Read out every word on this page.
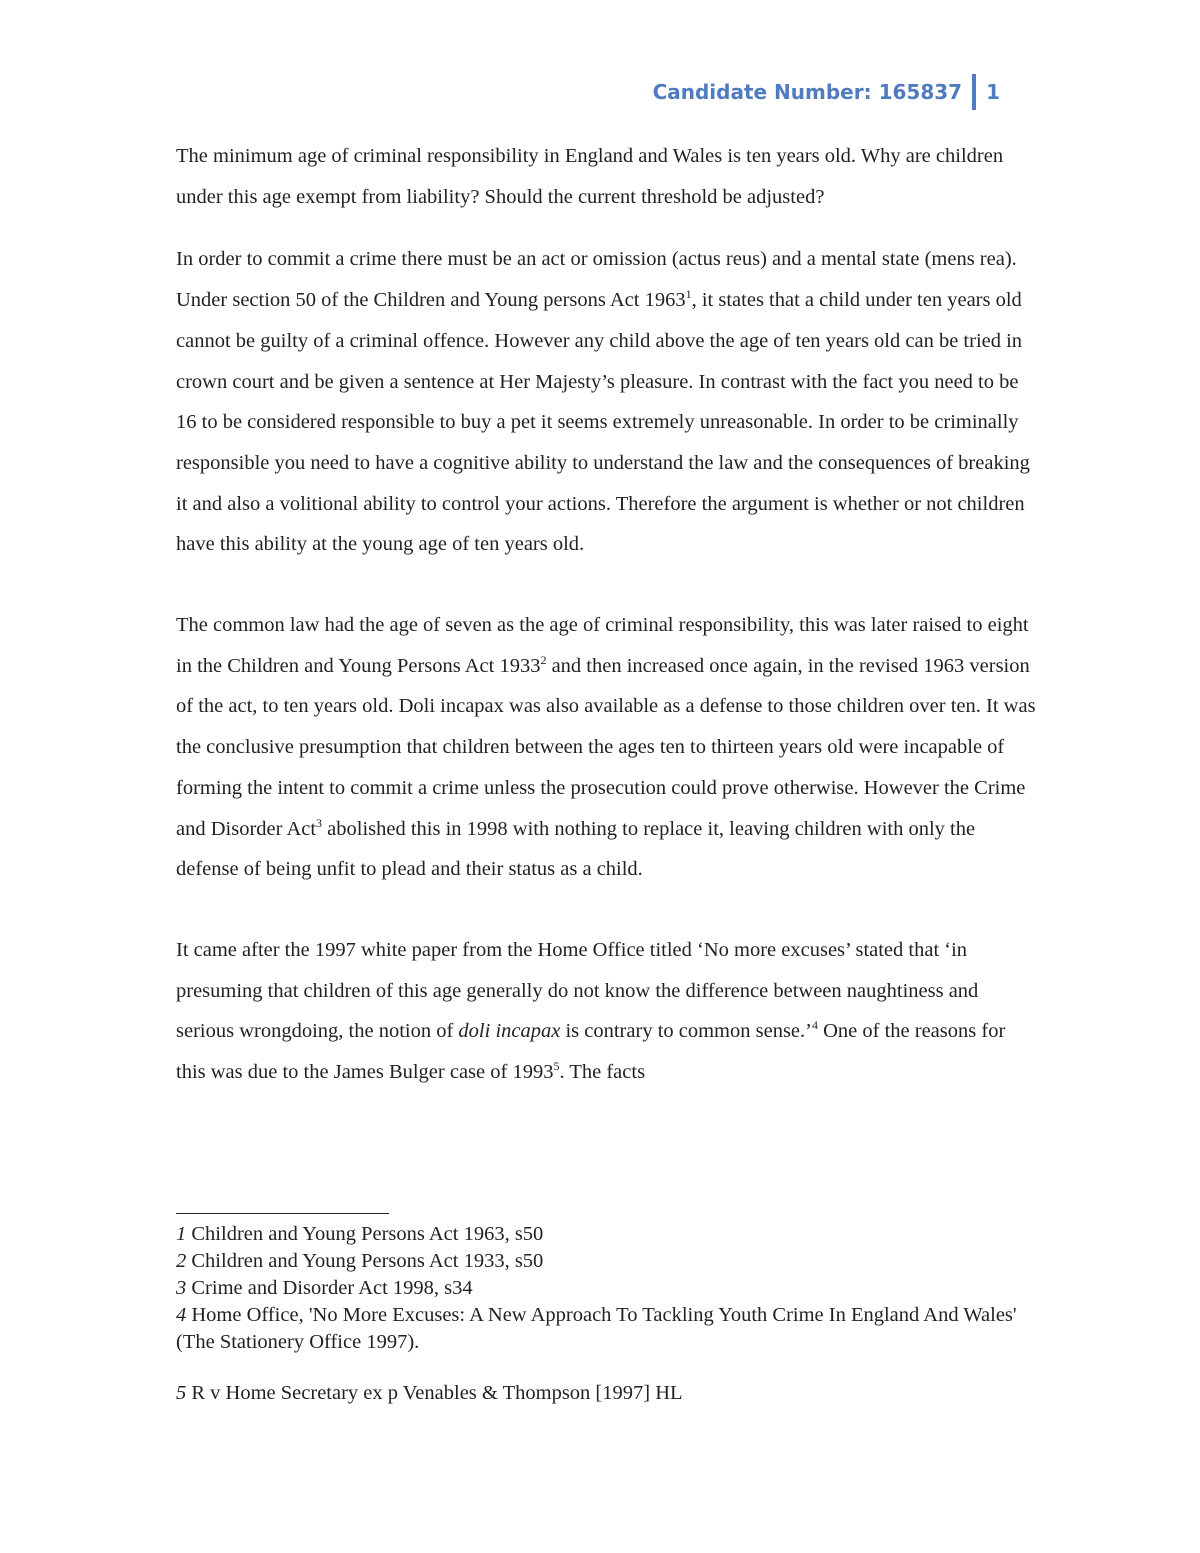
Candidate Number: 165837	1

The minimum age of criminal responsibility in England and Wales is ten years old. Why are children under this age exempt from liability? Should the current threshold be adjusted?

In order to commit a crime there must be an act or omission (actus reus) and a mental state (mens rea). Under section 50 of the Children and Young persons Act 1963$^1$, it states that a child under ten years old cannot be guilty of a criminal offence. However any child above the age of ten years old can be tried in crown court and be given a sentence at Her Majesty’s pleasure. In contrast with the fact you need to be 16 to be considered responsible to buy a pet it seems extremely unreasonable. In order to be criminally responsible you need to have a cognitive ability to understand the law and the consequences of breaking it and also a volitional ability to control your actions. Therefore the argument is whether or not children have this ability at the young age of ten years old.

The common law had the age of seven as the age of criminal responsibility, this was later raised to eight in the Children and Young Persons Act 1933$^2$ and then increased once again, in the revised 1963 version of the act, to ten years old. Doli incapax was also available as a defense to those children over ten. It was the conclusive presumption that children between the ages ten to thirteen years old were incapable of forming the intent to commit a crime unless the prosecution could prove otherwise. However the Crime and Disorder Act$^3$ abolished this in 1998 with nothing to replace it, leaving children with only the defense of being unfit to plead and their status as a child.

It came after the 1997 white paper from the Home Office titled ‘No more excuses’ stated that ‘in presuming that children of this age generally do not know the difference between naughtiness and serious wrongdoing, the notion of doli incapax is contrary to common sense.’$^4$ One of the reasons for this was due to the James Bulger case of 1993$^5$. The facts

1 Children and Young Persons Act 1963, s50

2 Children and Young Persons Act 1933, s50

3 Crime and Disorder Act 1998, s34

4 Home Office, 'No More Excuses: A New Approach To Tackling Youth Crime In England And Wales' (The Stationery Office 1997).

5 R v Home Secretary ex p Venables & Thompson [1997] HL
